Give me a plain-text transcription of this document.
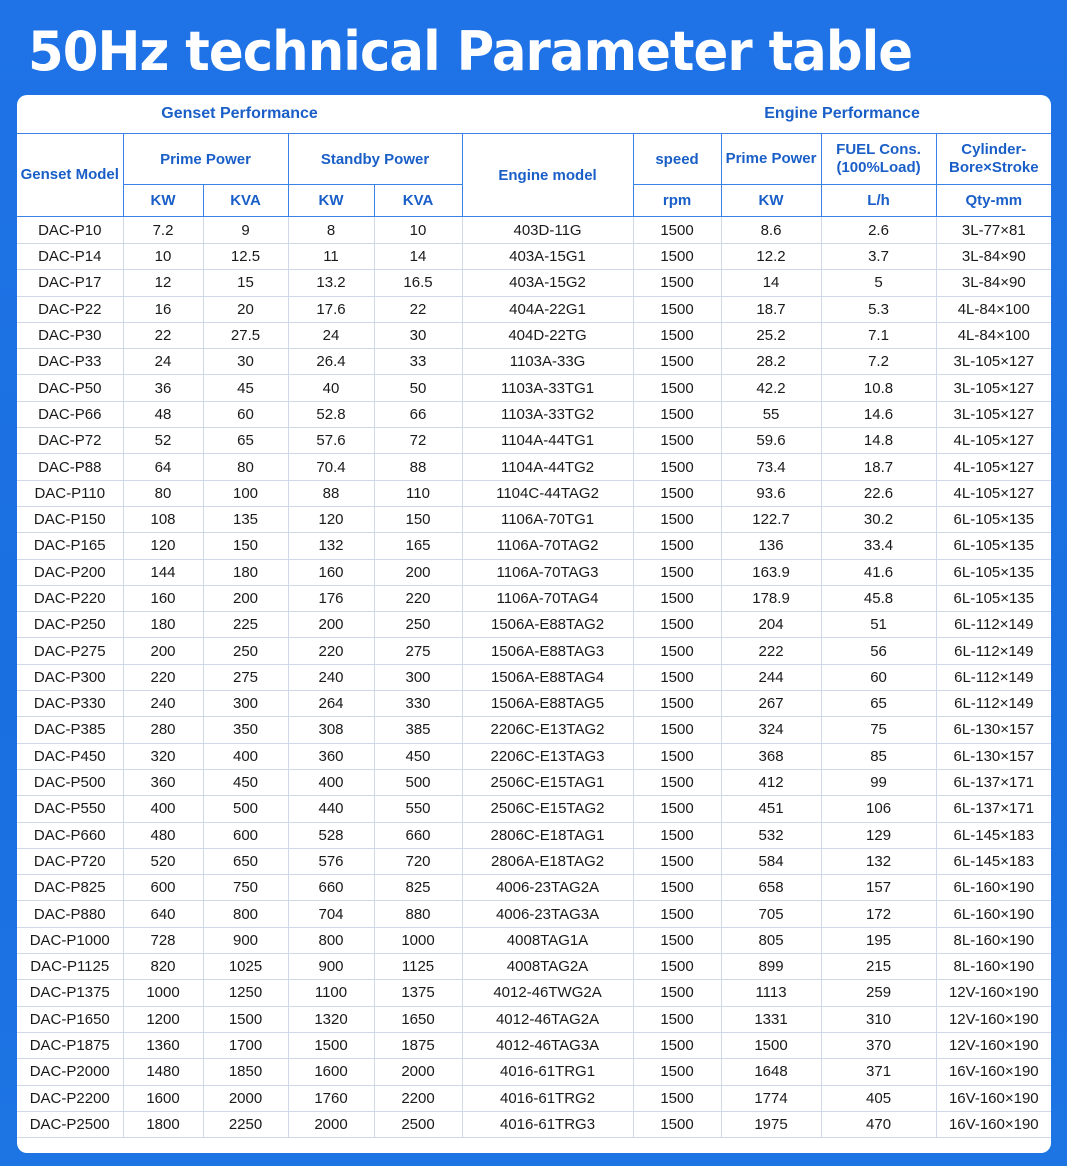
50Hz technical Parameter table
Genset Performance						Engine Performance			
Genset Model	Prime Power		Standby Power		Engine model	speed	Prime Power	FUEL Cons. (100%Load)	Cylinder-Bore×Stroke
	KW	KVA	KW	KVA		rpm	KW	L/h	Qty-mm
DAC-P10	7.2	9	8	10	403D-11G	1500	8.6	2.6	3L-77×81
DAC-P14	10	12.5	11	14	403A-15G1	1500	12.2	3.7	3L-84×90
DAC-P17	12	15	13.2	16.5	403A-15G2	1500	14	5	3L-84×90
DAC-P22	16	20	17.6	22	404A-22G1	1500	18.7	5.3	4L-84×100
DAC-P30	22	27.5	24	30	404D-22TG	1500	25.2	7.1	4L-84×100
DAC-P33	24	30	26.4	33	1103A-33G	1500	28.2	7.2	3L-105×127
DAC-P50	36	45	40	50	1103A-33TG1	1500	42.2	10.8	3L-105×127
DAC-P66	48	60	52.8	66	1103A-33TG2	1500	55	14.6	3L-105×127
DAC-P72	52	65	57.6	72	1104A-44TG1	1500	59.6	14.8	4L-105×127
DAC-P88	64	80	70.4	88	1104A-44TG2	1500	73.4	18.7	4L-105×127
DAC-P110	80	100	88	110	1104C-44TAG2	1500	93.6	22.6	4L-105×127
DAC-P150	108	135	120	150	1106A-70TG1	1500	122.7	30.2	6L-105×135
DAC-P165	120	150	132	165	1106A-70TAG2	1500	136	33.4	6L-105×135
DAC-P200	144	180	160	200	1106A-70TAG3	1500	163.9	41.6	6L-105×135
DAC-P220	160	200	176	220	1106A-70TAG4	1500	178.9	45.8	6L-105×135
DAC-P250	180	225	200	250	1506A-E88TAG2	1500	204	51	6L-112×149
DAC-P275	200	250	220	275	1506A-E88TAG3	1500	222	56	6L-112×149
DAC-P300	220	275	240	300	1506A-E88TAG4	1500	244	60	6L-112×149
DAC-P330	240	300	264	330	1506A-E88TAG5	1500	267	65	6L-112×149
DAC-P385	280	350	308	385	2206C-E13TAG2	1500	324	75	6L-130×157
DAC-P450	320	400	360	450	2206C-E13TAG3	1500	368	85	6L-130×157
DAC-P500	360	450	400	500	2506C-E15TAG1	1500	412	99	6L-137×171
DAC-P550	400	500	440	550	2506C-E15TAG2	1500	451	106	6L-137×171
DAC-P660	480	600	528	660	2806C-E18TAG1	1500	532	129	6L-145×183
DAC-P720	520	650	576	720	2806A-E18TAG2	1500	584	132	6L-145×183
DAC-P825	600	750	660	825	4006-23TAG2A	1500	658	157	6L-160×190
DAC-P880	640	800	704	880	4006-23TAG3A	1500	705	172	6L-160×190
DAC-P1000	728	900	800	1000	4008TAG1A	1500	805	195	8L-160×190
DAC-P1125	820	1025	900	1125	4008TAG2A	1500	899	215	8L-160×190
DAC-P1375	1000	1250	1100	1375	4012-46TWG2A	1500	1113	259	12V-160×190
DAC-P1650	1200	1500	1320	1650	4012-46TAG2A	1500	1331	310	12V-160×190
DAC-P1875	1360	1700	1500	1875	4012-46TAG3A	1500	1500	370	12V-160×190
DAC-P2000	1480	1850	1600	2000	4016-61TRG1	1500	1648	371	16V-160×190
DAC-P2200	1600	2000	1760	2200	4016-61TRG2	1500	1774	405	16V-160×190
DAC-P2500	1800	2250	2000	2500	4016-61TRG3	1500	1975	470	16V-160×190
